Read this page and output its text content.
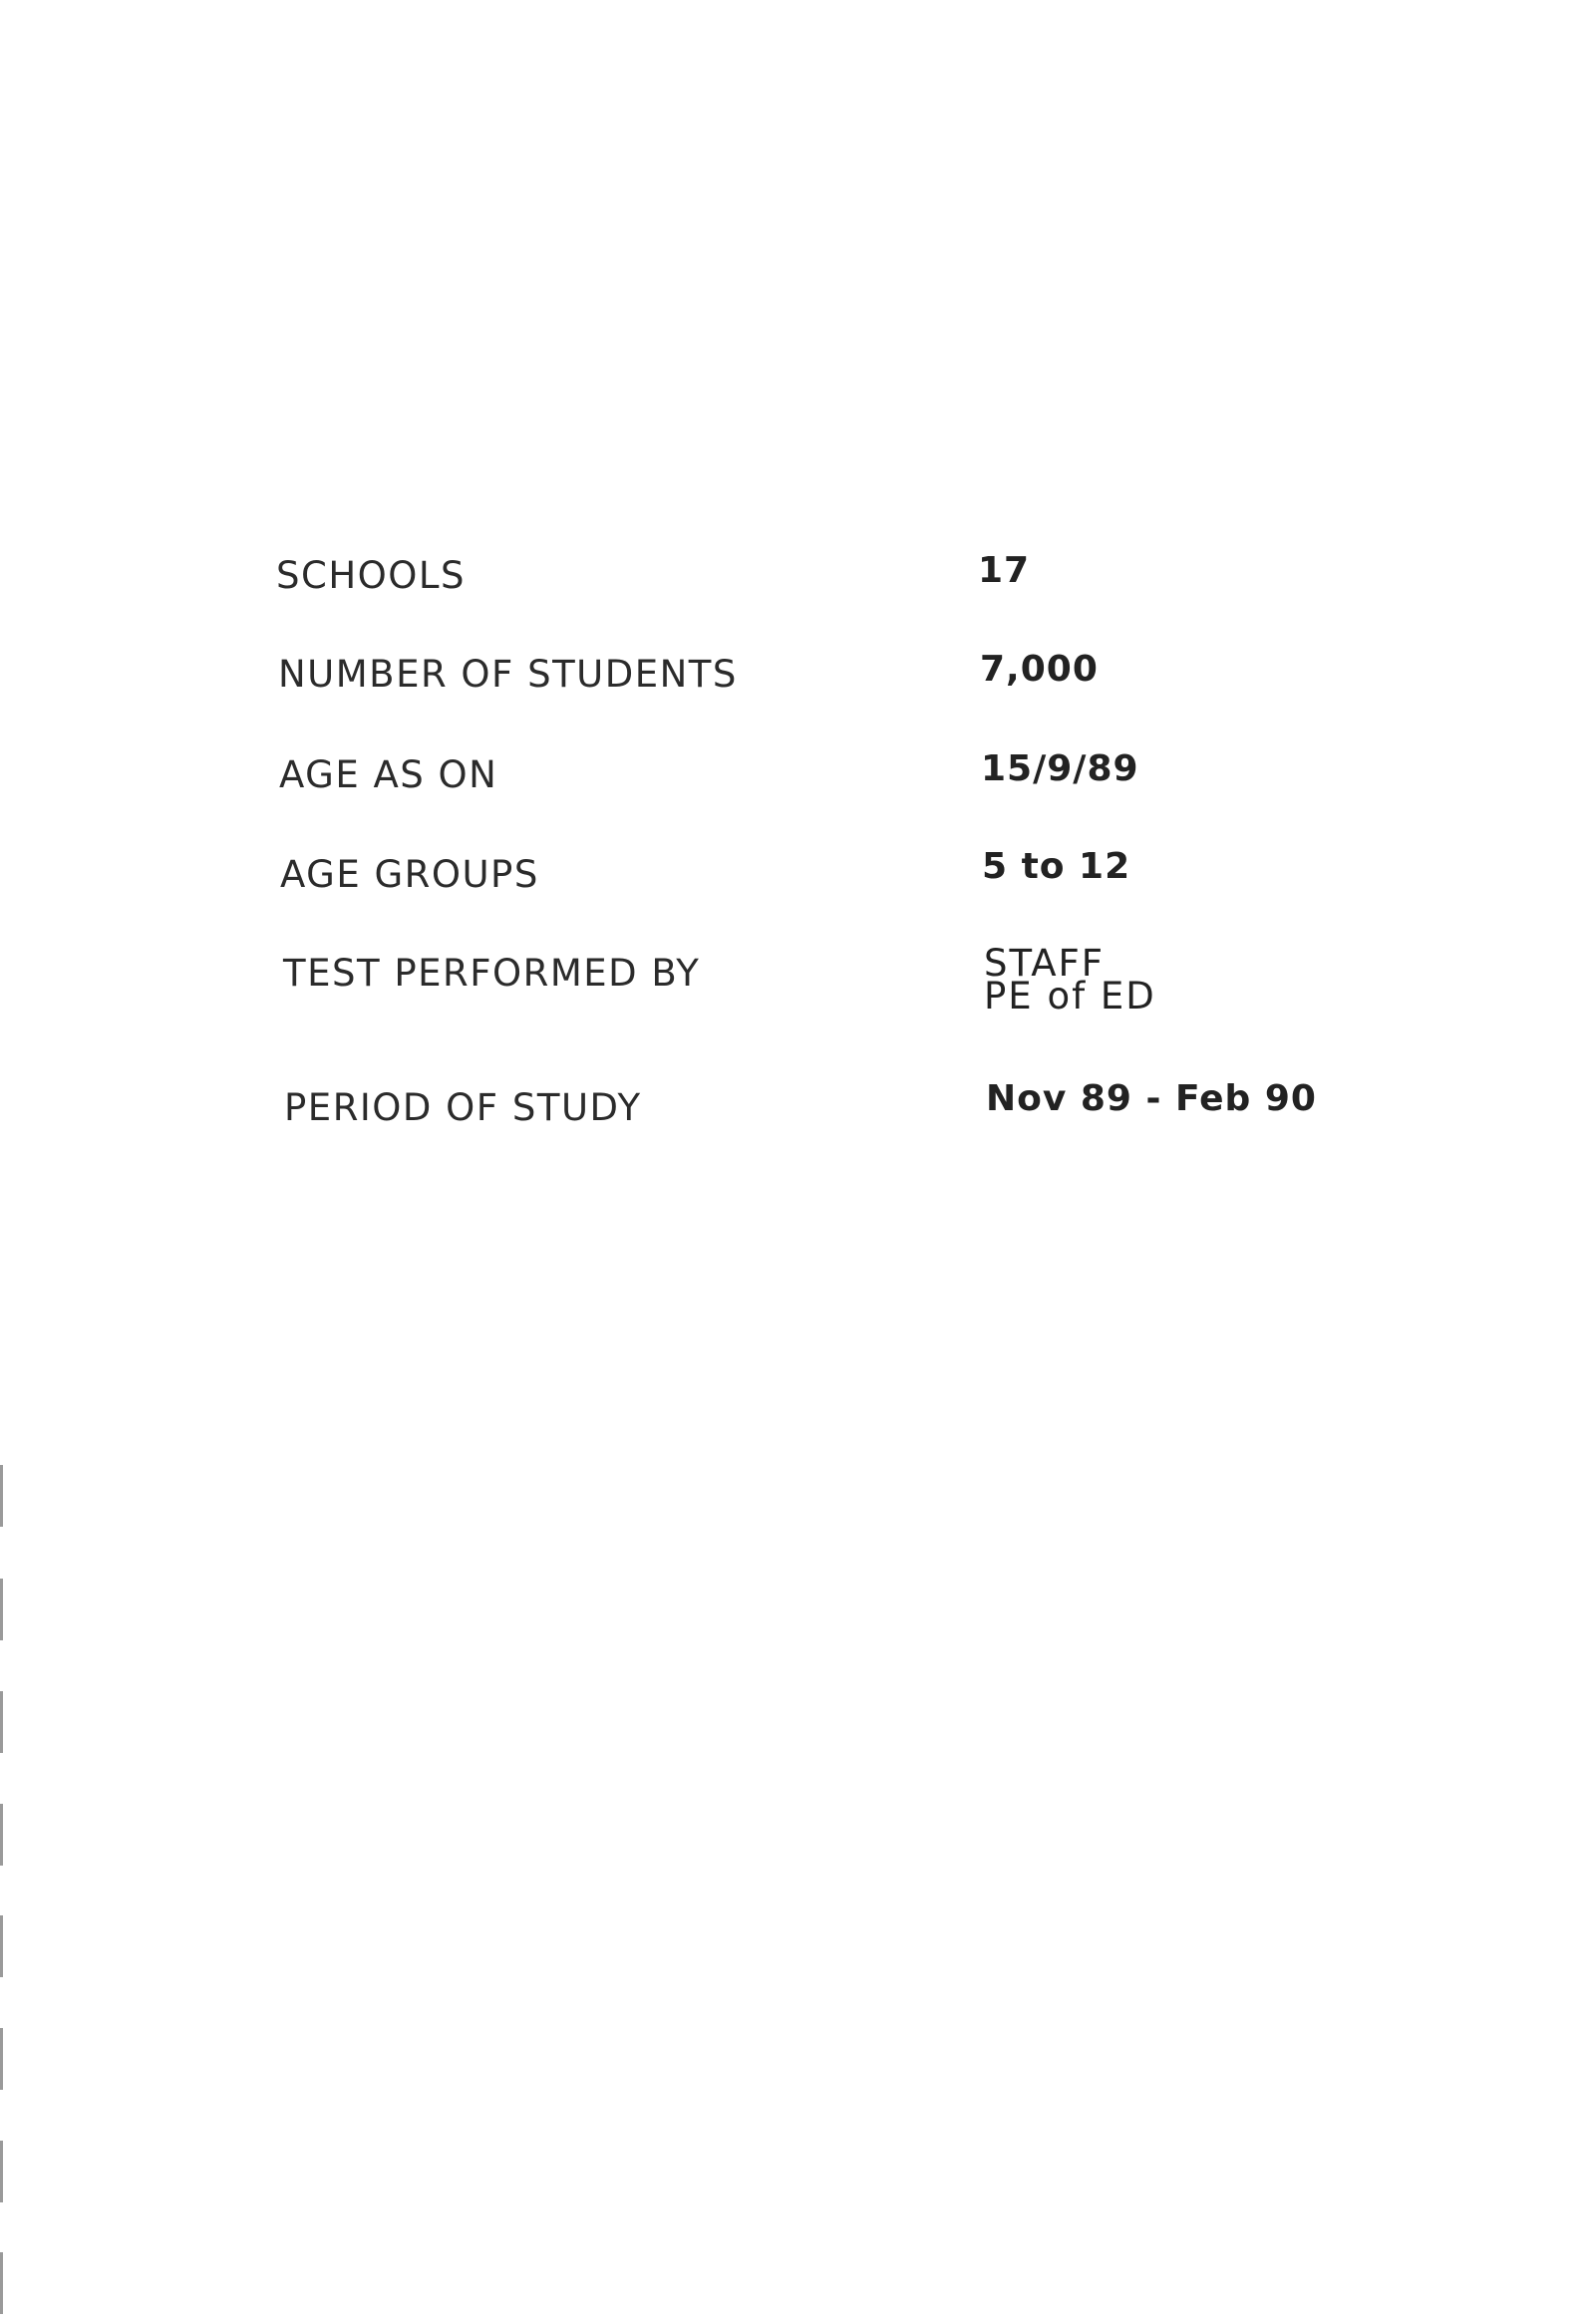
SCHOOLS	17
NUMBER OF STUDENTS	7,000
AGE AS ON	15/9/89
AGE GROUPS	5 to 12
TEST PERFORMED BY	STAFF
PE of ED
PERIOD OF STUDY	Nov 89 - Feb 90
